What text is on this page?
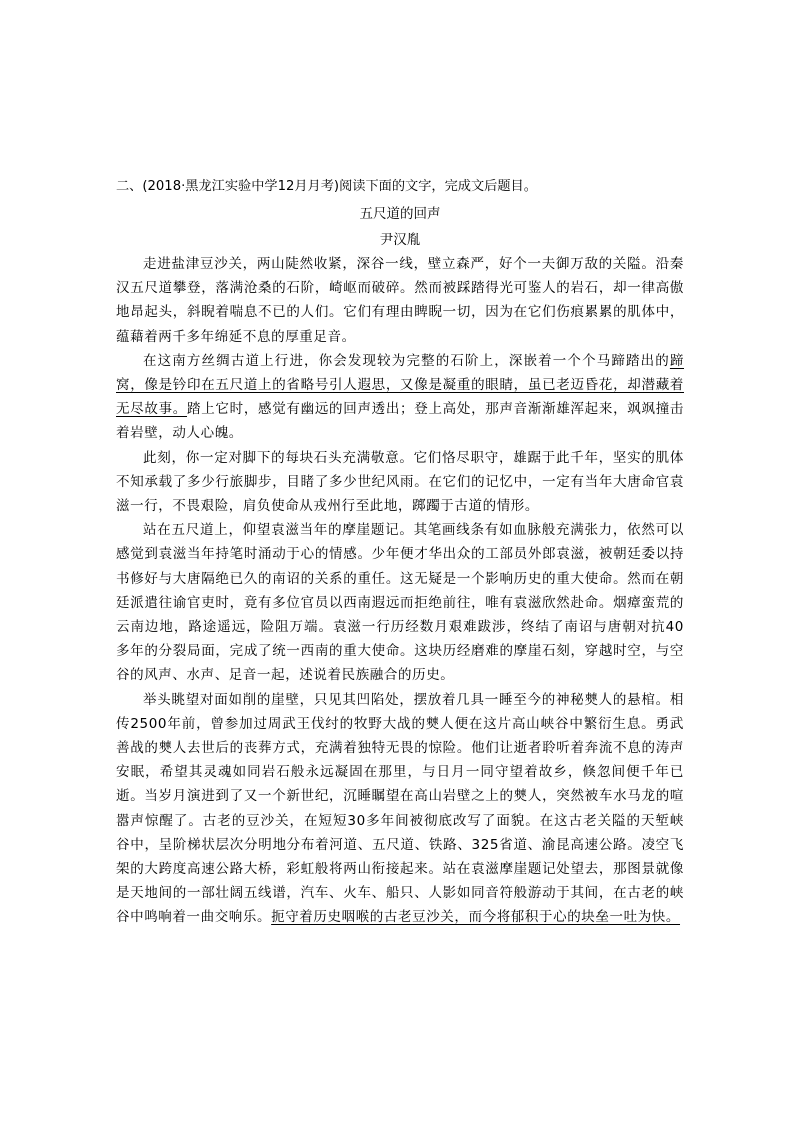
二、(2018·黑龙江实验中学12月月考)阅读下面的文字，完成文后题目。
五尺道的回声
尹汉胤

走进盐津豆沙关，两山陡然收紧，深谷一线，壁立森严，好个一夫御万敌的关隘。沿秦汉五尺道攀登，落满沧桑的石阶，崎岖而破碎。然而被踩踏得光可鉴人的岩石，却一律高傲地昂起头，斜睨着喘息不已的人们。它们有理由睥睨一切，因为在它们伤痕累累的肌体中，蕴藉着两千多年绵延不息的厚重足音。

在这南方丝绸古道上行进，你会发现较为完整的石阶上，深嵌着一个个马蹄踏出的蹄窝，像是钤印在五尺道上的省略号引人遐思，又像是凝重的眼睛，虽已老迈昏花，却潜藏着无尽故事。踏上它时，感觉有幽远的回声透出；登上高处，那声音渐渐雄浑起来，飒飒撞击着岩壁，动人心魄。

此刻，你一定对脚下的每块石头充满敬意。它们恪尽职守，雄踞于此千年，坚实的肌体不知承载了多少行旅脚步，目睹了多少世纪风雨。在它们的记忆中，一定有当年大唐命官袁滋一行，不畏艰险，肩负使命从戎州行至此地，踯躅于古道的情形。

站在五尺道上，仰望袁滋当年的摩崖题记。其笔画线条有如血脉般充满张力，依然可以感觉到袁滋当年持笔时涌动于心的情感。少年便才华出众的工部员外郎袁滋，被朝廷委以持书修好与大唐隔绝已久的南诏的关系的重任。这无疑是一个影响历史的重大使命。然而在朝廷派遣往谕官吏时，竟有多位官员以西南遐远而拒绝前往，唯有袁滋欣然赴命。烟瘴蛮荒的云南边地，路途遥远，险阻万端。袁滋一行历经数月艰难跋涉，终结了南诏与唐朝对抗40多年的分裂局面，完成了统一西南的重大使命。这块历经磨难的摩崖石刻，穿越时空，与空谷的风声、水声、足音一起，述说着民族融合的历史。

举头眺望对面如削的崖壁，只见其凹陷处，摆放着几具一睡至今的神秘僰人的悬棺。相传2500年前，曾参加过周武王伐纣的牧野大战的僰人便在这片高山峡谷中繁衍生息。勇武善战的僰人去世后的丧葬方式，充满着独特无畏的惊险。他们让逝者聆听着奔流不息的涛声安眠，希望其灵魂如同岩石般永远凝固在那里，与日月一同守望着故乡，倏忽间便千年已逝。当岁月演进到了又一个新世纪，沉睡瞩望在高山岩壁之上的僰人，突然被车水马龙的喧嚣声惊醒了。古老的豆沙关，在短短30多年间被彻底改写了面貌。在这古老关隘的天堑峡谷中，呈阶梯状层次分明地分布着河道、五尺道、铁路、325省道、渝昆高速公路。凌空飞架的大跨度高速公路大桥，彩虹般将两山衔接起来。站在袁滋摩崖题记处望去，那图景就像是天地间的一部壮阔五线谱，汽车、火车、船只、人影如同音符般游动于其间，在古老的峡谷中鸣响着一曲交响乐。扼守着历史咽喉的古老豆沙关，而今将郁积于心的块垒一吐为快。
